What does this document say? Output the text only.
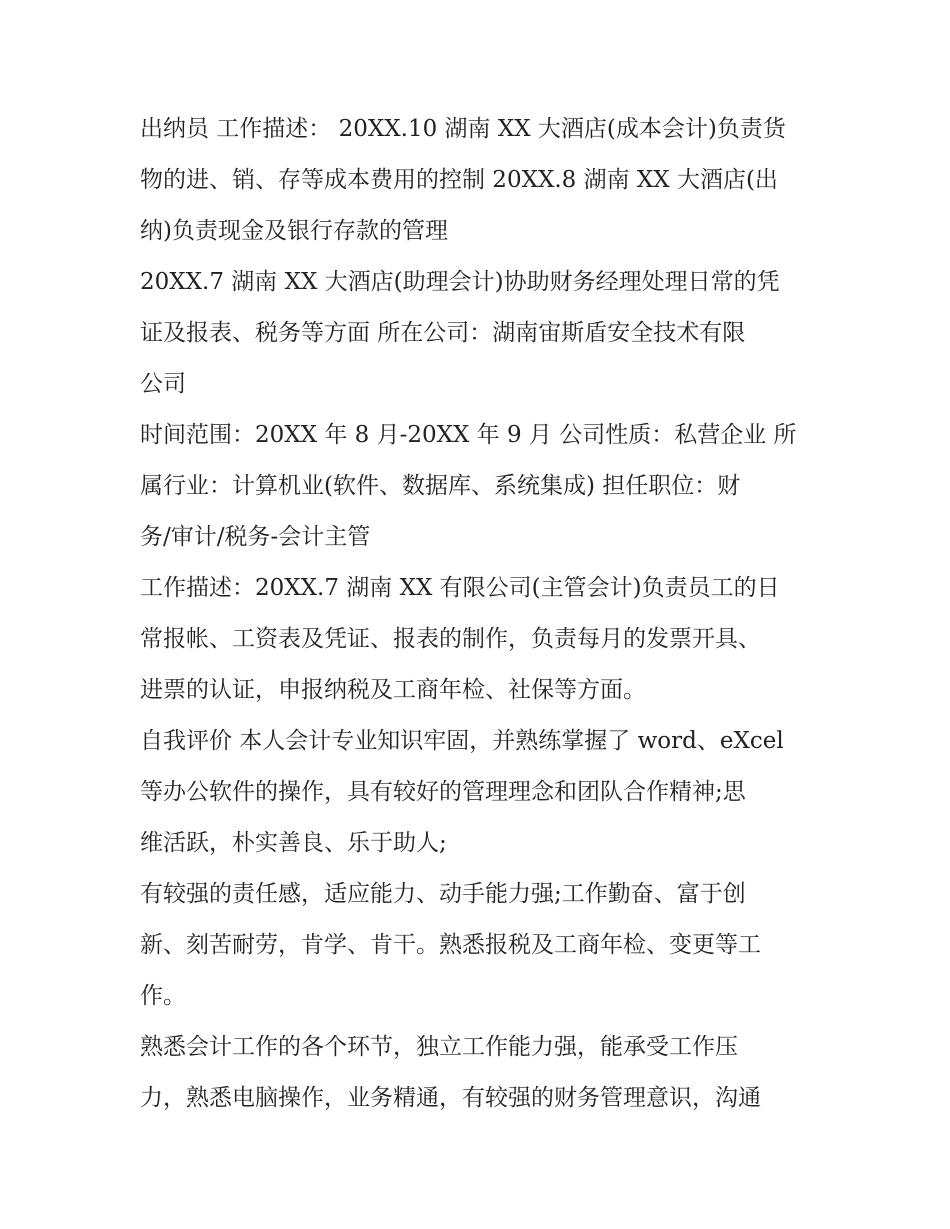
出纳员 工作描述： 20XX.10 湖南 XX 大酒店(成本会计)负责货
物的进、销、存等成本费用的控制 20XX.8 湖南 XX 大酒店(出
纳)负责现金及银行存款的管理
20XX.7 湖南 XX 大酒店(助理会计)协助财务经理处理日常的凭
证及报表、税务等方面 所在公司：湖南宙斯盾安全技术有限
公司
时间范围：20XX 年 8 月-20XX 年 9 月 公司性质：私营企业 所
属行业：计算机业(软件、数据库、系统集成) 担任职位：财
务/审计/税务-会计主管
工作描述：20XX.7 湖南 XX 有限公司(主管会计)负责员工的日
常报帐、工资表及凭证、报表的制作，负责每月的发票开具、
进票的认证，申报纳税及工商年检、社保等方面。
自我评价 本人会计专业知识牢固，并熟练掌握了 word、eXcel
等办公软件的操作，具有较好的管理理念和团队合作精神;思
维活跃，朴实善良、乐于助人;
有较强的责任感，适应能力、动手能力强;工作勤奋、富于创
新、刻苦耐劳，肯学、肯干。熟悉报税及工商年检、变更等工
作。
熟悉会计工作的各个环节，独立工作能力强，能承受工作压
力，熟悉电脑操作，业务精通，有较强的财务管理意识，沟通
